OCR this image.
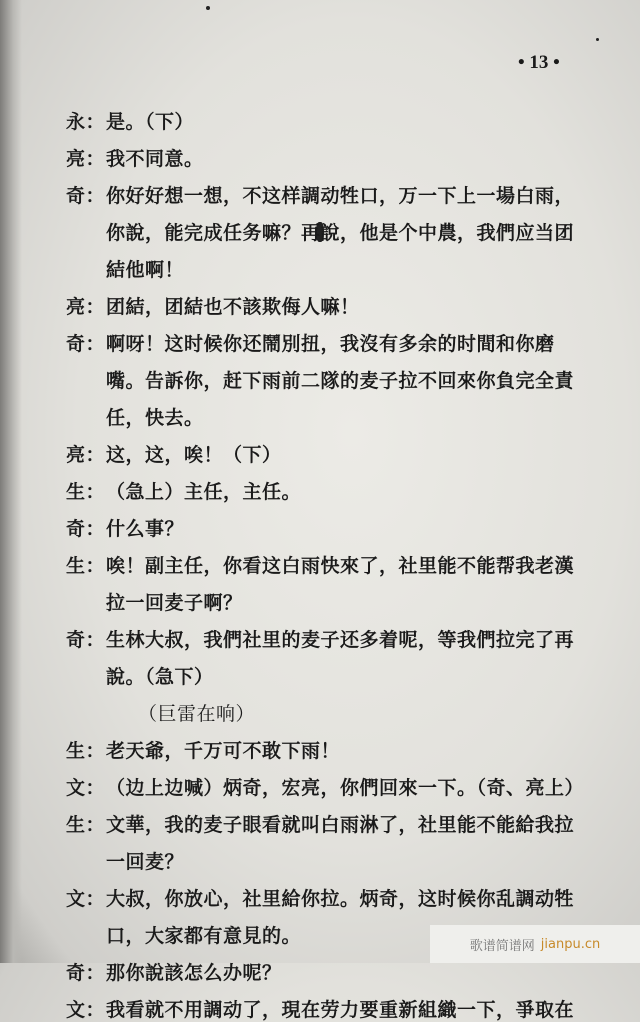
• 13 •
永：是。（下）
亮：我不同意。
奇：你好好想一想，不这样調动牲口，万一下上一場白雨，
你說，能完成任务嘛？再說，他是个中農，我們应当团
結他啊！
亮：团結，团結也不該欺侮人嘛！
奇：啊呀！这时候你还鬧別扭，我沒有多余的时間和你磨
嘴。告訴你，赶下雨前二隊的麦子拉不回來你負完全責
任，快去。
亮：这，这，唉！（下）
生：（急上）主任，主任。
奇：什么事？
生：唉！副主任，你看这白雨快來了，社里能不能帮我老漢
拉一回麦子啊？
奇：生林大叔，我們社里的麦子还多着呢，等我們拉完了再
說。（急下）
（巨雷在响）
生：老天爺，千万可不敢下雨！
文：（边上边喊）炳奇，宏亮，你們回來一下。（奇、亮上）
生：文華，我的麦子眼看就叫白雨淋了，社里能不能給我拉
一回麦？
文：大叔，你放心，社里給你拉。炳奇，这时候你乱調动牲
口，大家都有意見的。
奇：那你說該怎么办呢？
文：我看就不用調动了，現在劳力要重新組織一下，爭取在
歌谱简谱网 jianpu.cn
